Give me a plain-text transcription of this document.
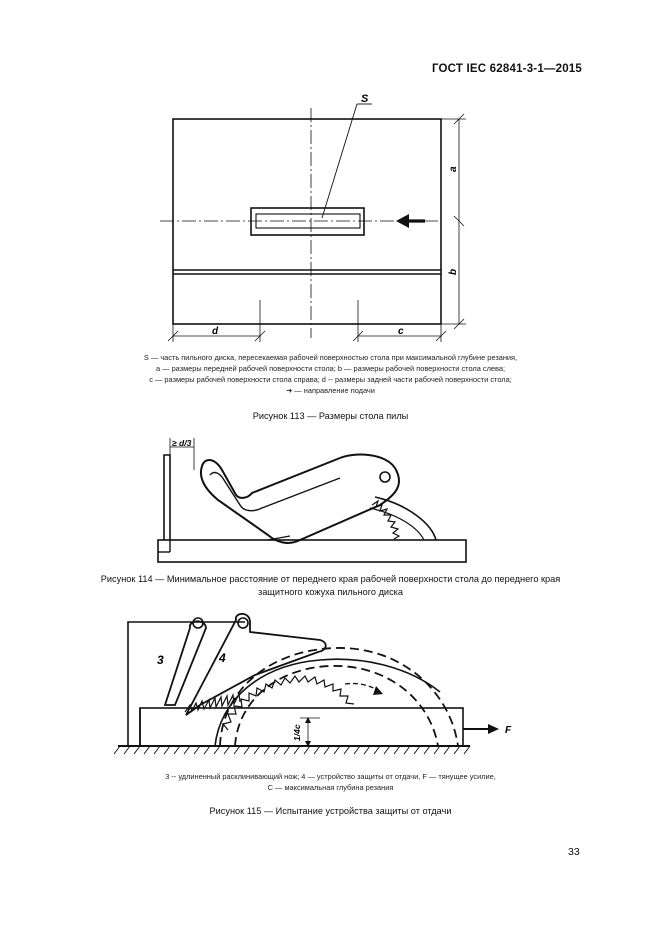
ГОСТ IEC 62841-3-1—2015
S
a
b
d	c
S — часть пильного диска, пересекаемая рабочей поверхностью стола при максимальной глубине резания,
a — размеры передней рабочей поверхности стола; b — размеры рабочей поверхности стола слева;
c — размеры рабочей поверхности стола справа; d -- размеры задней части рабочей поверхности стола;
➔ — направление подачи
Рисунок 113 — Размеры стола пилы
≥ d/3
Рисунок 114 — Минимальное расстояние от переднего края рабочей поверхности стола до переднего края
защитного кожуха пильного диска
3	4
1/4c	F
3 -- удлиненный расклинивающий нож; 4 — устройство защиты от отдачи, F — тянущее усилие,
C — максимальная глубина резания
Рисунок 115 — Испытание устройства защиты от отдачи
33
